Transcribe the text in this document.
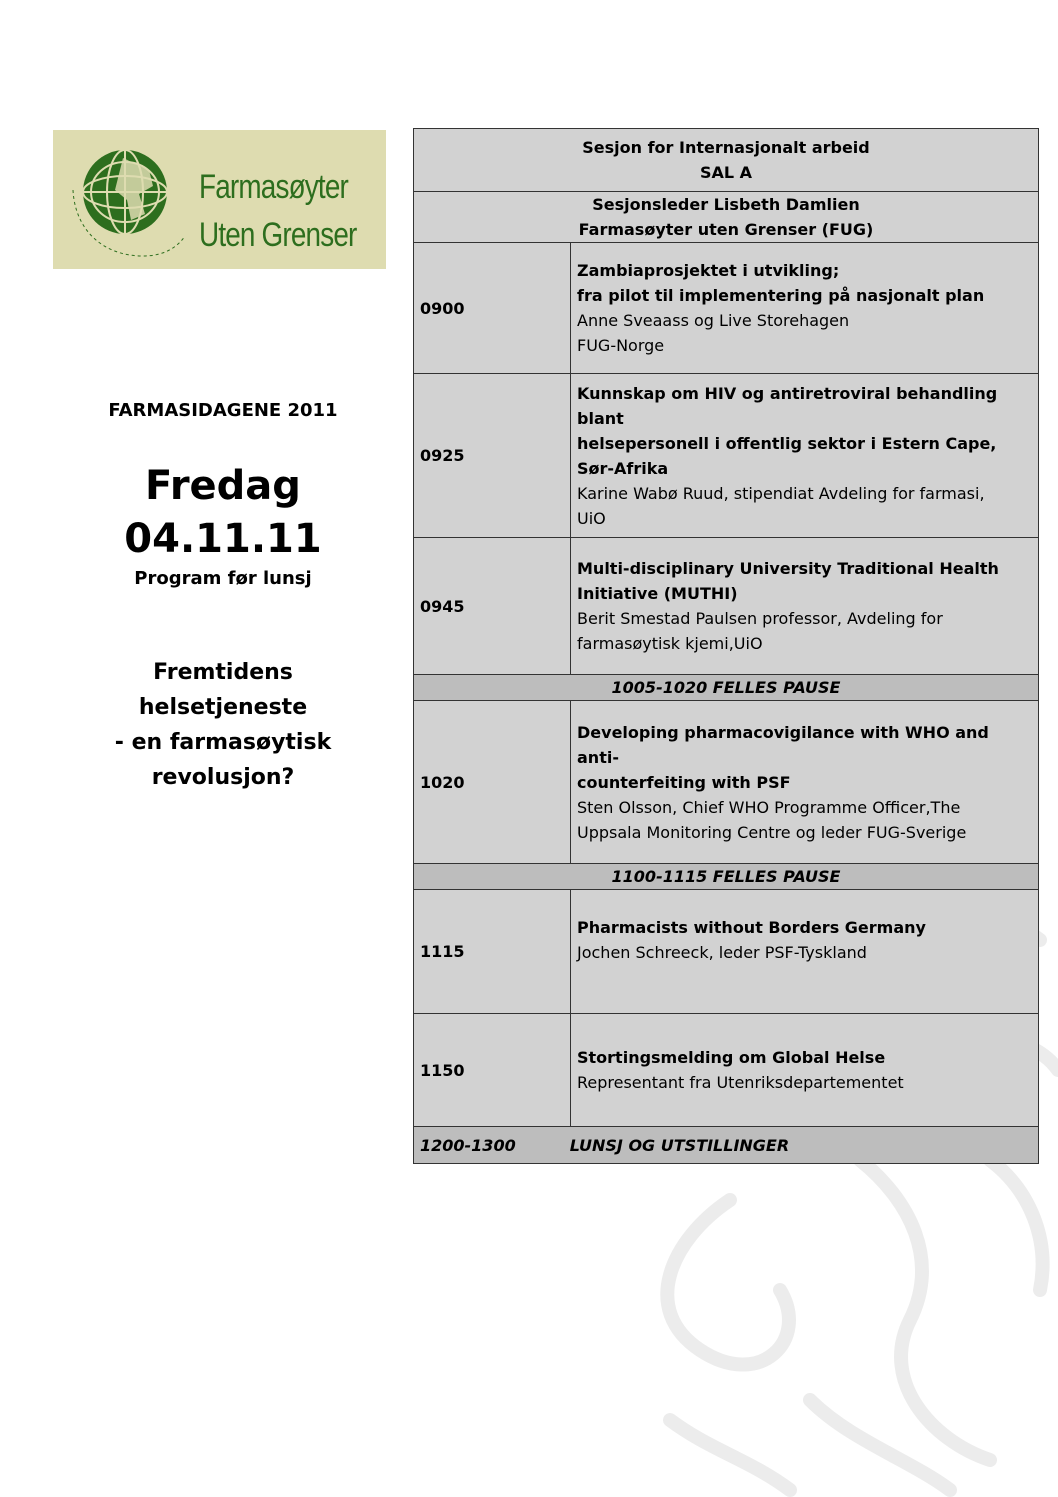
Farmasøyter
Uten Grenser
FARMASIDAGENE 2011
Fredag
04.11.11
Program før lunsj
Fremtidens
helsetjeneste
- en farmasøytisk
revolusjon?
Sesjon for Internasjonalt arbeid
SAL A	

Sesjonsleder Lisbeth Damlien
Farmasøyter uten Grenser (FUG)	

0900	Zambiaprosjektet i utvikling;
fra pilot til implementering på nasjonalt plan
Anne Sveaass og Live Storehagen
FUG-Norge

0925	Kunnskap om HIV og antiretroviral behandling blant
helsepersonell i offentlig sektor i Estern Cape,
Sør-Afrika
Karine Wabø Ruud, stipendiat Avdeling for farmasi,
UiO

0945	Multi-disciplinary University Traditional Health
Initiative (MUTHI)
Berit Smestad Paulsen professor, Avdeling for
farmasøytisk kjemi,UiO

1005-1020 FELLES PAUSE	
1020	Developing pharmacovigilance with WHO and anti-
counterfeiting with PSF
Sten Olsson, Chief WHO Programme Officer,The
Uppsala Monitoring Centre og leder FUG-Sverige

1100-1115 FELLES PAUSE	
1115	Pharmacists without Borders Germany
Jochen Schreeck, leder PSF-Tyskland

1150	Stortingsmelding om Global Helse
Representant fra Utenriksdepartementet

1200-1300 LUNSJ OG UTSTILLINGER	
